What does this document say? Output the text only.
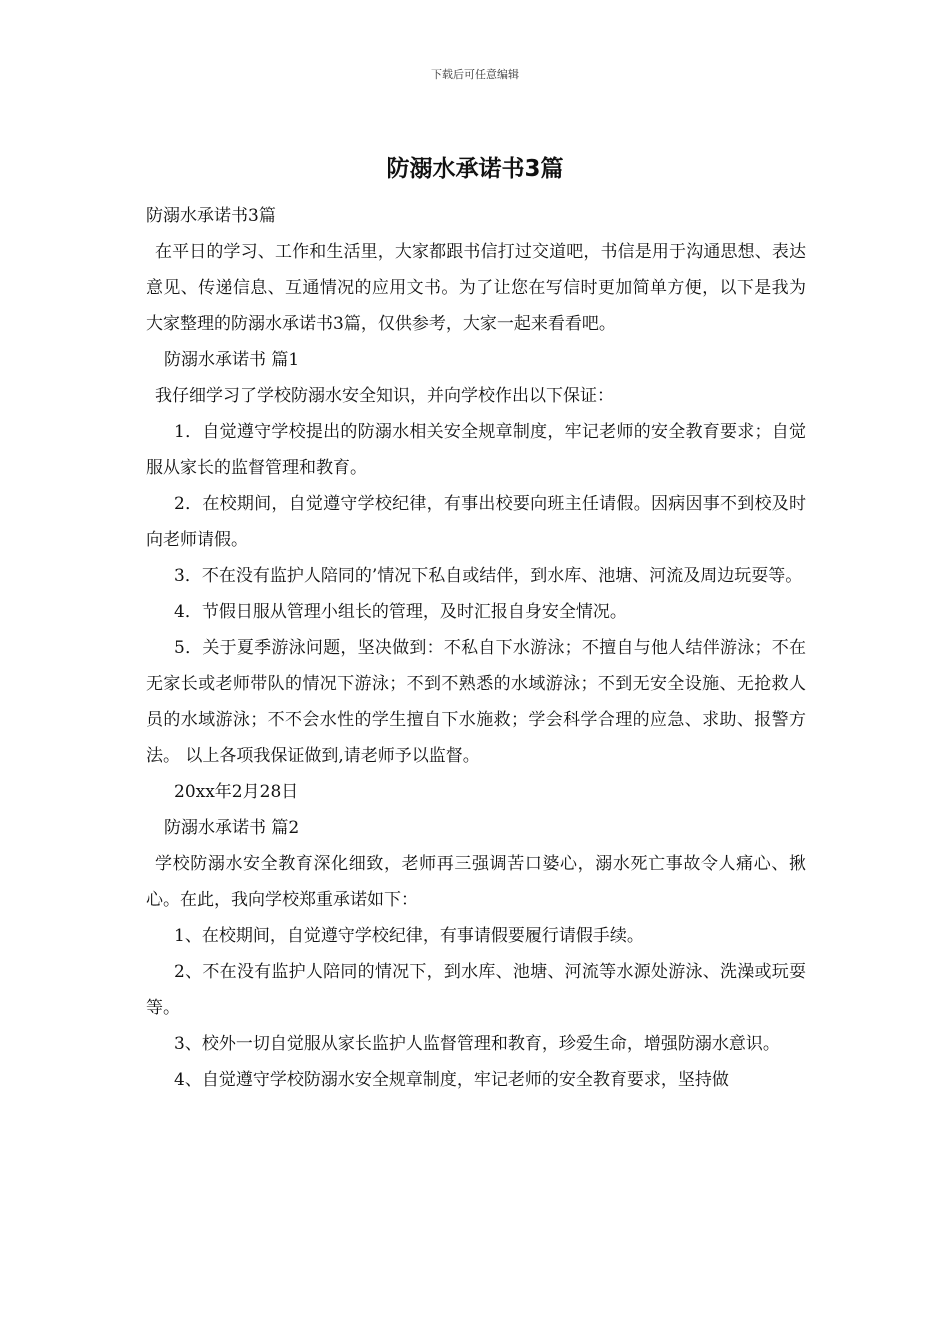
下载后可任意编辑
防溺水承诺书3篇

防溺水承诺书3篇

在平日的学习、工作和生活里，大家都跟书信打过交道吧，书信是用于沟通思想、表达意见、传递信息、互通情况的应用文书。为了让您在写信时更加简单方便，以下是我为大家整理的防溺水承诺书3篇，仅供参考，大家一起来看看吧。

防溺水承诺书 篇1

我仔细学习了学校防溺水安全知识，并向学校作出以下保证：

1．自觉遵守学校提出的防溺水相关安全规章制度，牢记老师的安全教育要求；自觉服从家长的监督管理和教育。

2．在校期间，自觉遵守学校纪律，有事出校要向班主任请假。因病因事不到校及时向老师请假。

3．不在没有监护人陪同的’情况下私自或结伴，到水库、池塘、河流及周边玩耍等。

4．节假日服从管理小组长的管理，及时汇报自身安全情况。

5．关于夏季游泳问题，坚决做到：不私自下水游泳；不擅自与他人结伴游泳；不在无家长或老师带队的情况下游泳；不到不熟悉的水域游泳；不到无安全设施、无抢救人员的水域游泳；不不会水性的学生擅自下水施救；学会科学合理的应急、求助、报警方法。 以上各项我保证做到,请老师予以监督。

20xx年2月28日

防溺水承诺书 篇2

学校防溺水安全教育深化细致，老师再三强调苦口婆心，溺水死亡事故令人痛心、揪心。在此，我向学校郑重承诺如下：

1、在校期间，自觉遵守学校纪律，有事请假要履行请假手续。

2、不在没有监护人陪同的情况下，到水库、池塘、河流等水源处游泳、洗澡或玩耍等。

3、校外一切自觉服从家长监护人监督管理和教育，珍爱生命，增强防溺水意识。

4、自觉遵守学校防溺水安全规章制度，牢记老师的安全教育要求，坚持做
